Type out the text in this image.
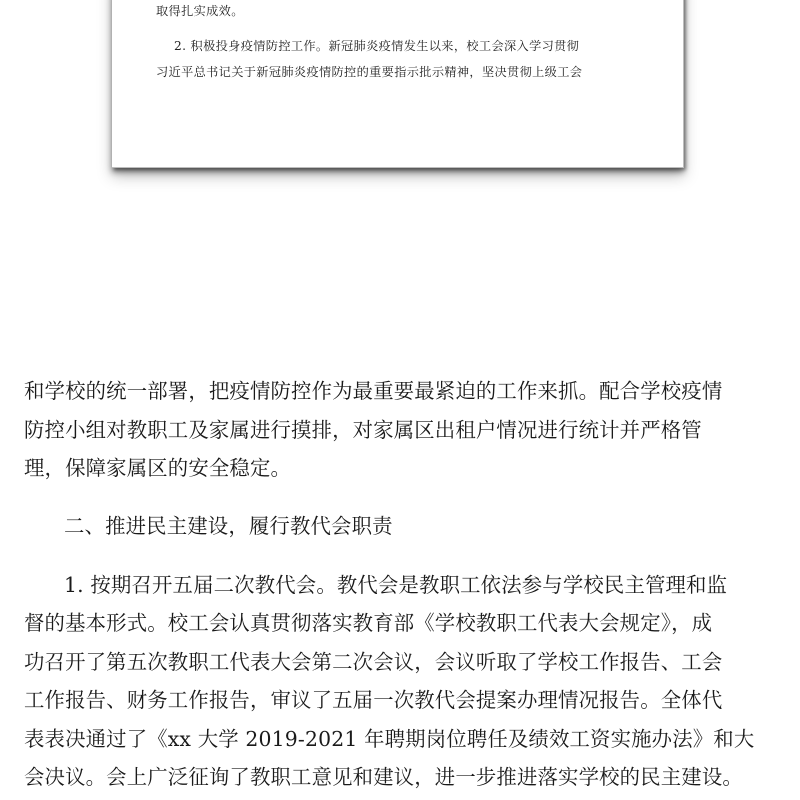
取得扎实成效。
2. 积极投身疫情防控工作。新冠肺炎疫情发生以来，校工会深入学习贯彻
习近平总书记关于新冠肺炎疫情防控的重要指示批示精神，坚决贯彻上级工会
和学校的统一部署，把疫情防控作为最重要最紧迫的工作来抓。配合学校疫情
防控小组对教职工及家属进行摸排，对家属区出租户情况进行统计并严格管
理，保障家属区的安全稳定。
二、推进民主建设，履行教代会职责
1. 按期召开五届二次教代会。教代会是教职工依法参与学校民主管理和监
督的基本形式。校工会认真贯彻落实教育部《学校教职工代表大会规定》，成
功召开了第五次教职工代表大会第二次会议，会议听取了学校工作报告、工会
工作报告、财务工作报告，审议了五届一次教代会提案办理情况报告。全体代
表表决通过了《xx 大学 2019-2021 年聘期岗位聘任及绩效工资实施办法》和大
会决议。会上广泛征询了教职工意见和建议，进一步推进落实学校的民主建设。
